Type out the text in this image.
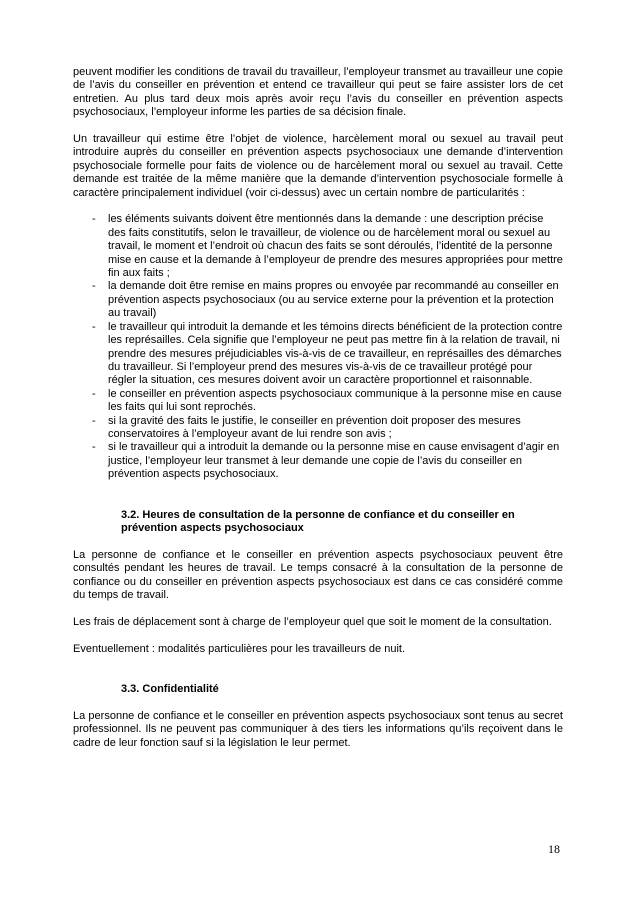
peuvent modifier les conditions de travail du travailleur, l’employeur transmet au travailleur une copie de l’avis du conseiller en prévention et entend ce travailleur qui peut se faire assister lors de cet entretien. Au plus tard deux mois après avoir reçu l’avis du conseiller en prévention aspects psychosociaux, l’employeur informe les parties de sa décision finale.

Un travailleur qui estime être l’objet de violence, harcèlement moral ou sexuel au travail peut introduire auprès du conseiller en prévention aspects psychosociaux une demande d’intervention psychosociale formelle pour faits de violence ou de harcèlement moral ou sexuel au travail. Cette demande est traitée de la même manière que la demande d’intervention psychosociale formelle à caractère principalement individuel (voir ci-dessus) avec un certain nombre de particularités :

- les éléments suivants doivent être mentionnés dans la demande : une description précise des faits constitutifs, selon le travailleur, de violence ou de harcèlement moral ou sexuel au travail, le moment et l’endroit où chacun des faits se sont déroulés, l’identité de la personne mise en cause et la demande à l’employeur de prendre des mesures appropriées pour mettre fin aux faits ;
- la demande doit être remise en mains propres ou envoyée par recommandé au conseiller en prévention aspects psychosociaux (ou au service externe pour la prévention et la protection au travail)
- le travailleur qui introduit la demande et les témoins directs bénéficient de la protection contre les représailles. Cela signifie que l’employeur ne peut pas mettre fin à la relation de travail, ni prendre des mesures préjudiciables vis-à-vis de ce travailleur, en représailles des démarches du travailleur. Si l’employeur prend des mesures vis-à-vis de ce travailleur protégé pour régler la situation, ces mesures doivent avoir un caractère proportionnel et raisonnable.
- le conseiller en prévention aspects psychosociaux communique à la personne mise en cause les faits qui lui sont reprochés.
- si la gravité des faits le justifie, le conseiller en prévention doit proposer des mesures conservatoires à l’employeur avant de lui rendre son avis ;
- si le travailleur qui a introduit la demande ou la personne mise en cause envisagent d’agir en justice, l’employeur leur transmet à leur demande une copie de l’avis du conseiller en prévention aspects psychosociaux.
3.2. Heures de consultation de la personne de confiance et du conseiller en prévention aspects psychosociaux

La personne de confiance et le conseiller en prévention aspects psychosociaux peuvent être consultés pendant les heures de travail. Le temps consacré à la consultation de la personne de confiance ou du conseiller en prévention aspects psychosociaux est dans ce cas considéré comme du temps de travail.

Les frais de déplacement sont à charge de l’employeur quel que soit le moment de la consultation.

Eventuellement : modalités particulières pour les travailleurs de nuit.

3.3. Confidentialité

La personne de confiance et le conseiller en prévention aspects psychosociaux sont tenus au secret professionnel. Ils ne peuvent pas communiquer à des tiers les informations qu’ils reçoivent dans le cadre de leur fonction sauf si la législation le leur permet.

18
